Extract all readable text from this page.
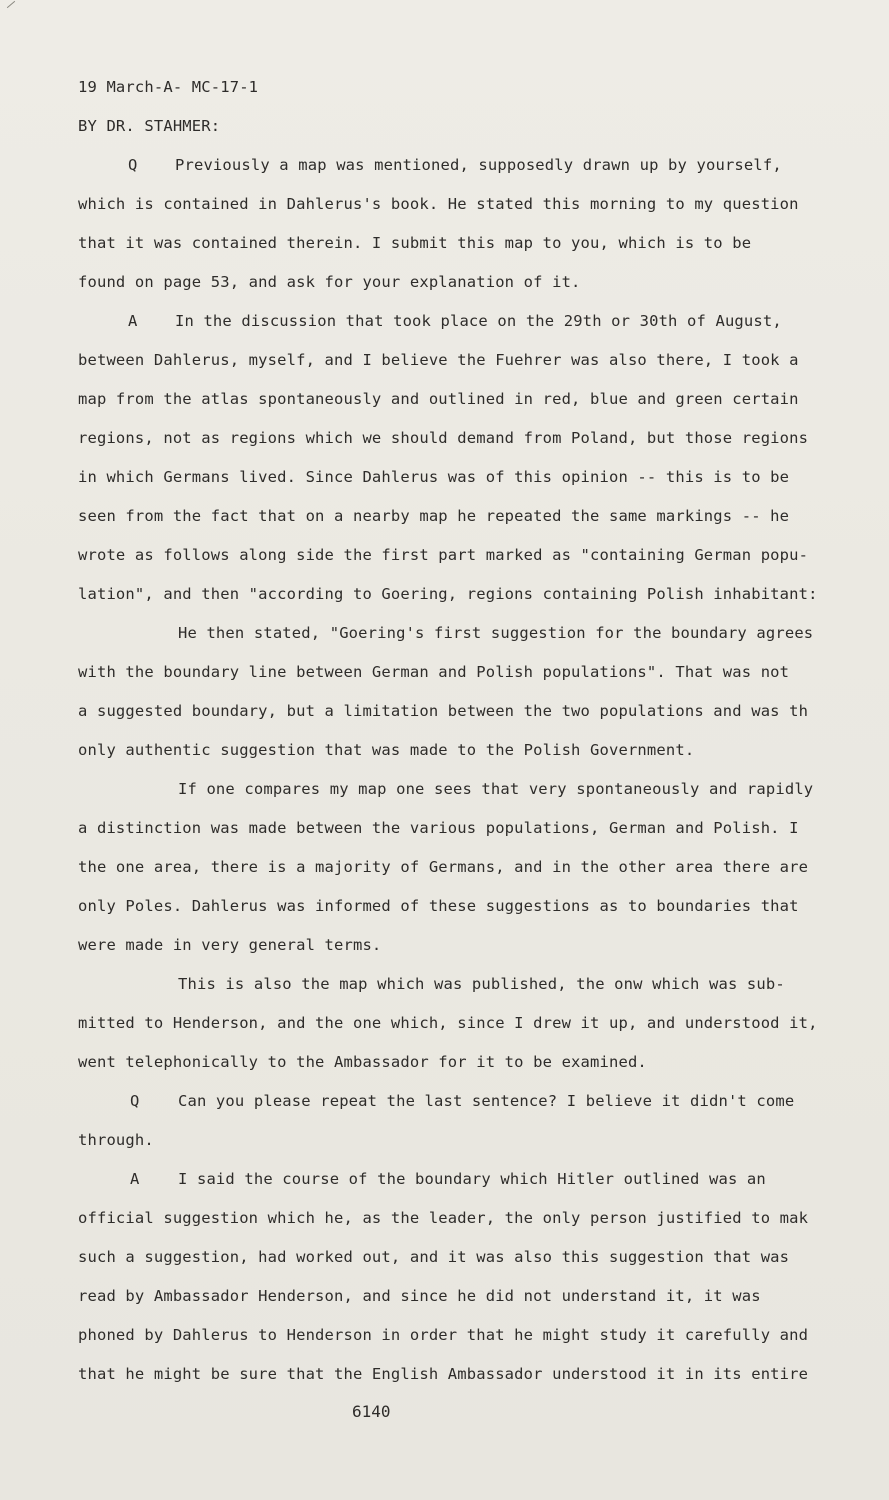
19 March-A- MC-17-1
BY DR. STAHMER:
Q Previously a map was mentioned, supposedly drawn up by yourself,
which is contained in Dahlerus's book. He stated this morning to my question
that it was contained therein. I submit this map to you, which is to be
found on page 53, and ask for your explanation of it.
A In the discussion that took place on the 29th or 30th of August,
between Dahlerus, myself, and I believe the Fuehrer was also there, I took a
map from the atlas spontaneously and outlined in red, blue and green certain
regions, not as regions which we should demand from Poland, but those regions
in which Germans lived. Since Dahlerus was of this opinion -- this is to be
seen from the fact that on a nearby map he repeated the same markings -- he
wrote as follows along side the first part marked as "containing German popu-
lation", and then "according to Goering, regions containing Polish inhabitant:
He then stated, "Goering's first suggestion for the boundary agrees
with the boundary line between German and Polish populations". That was not
a suggested boundary, but a limitation between the two populations and was th
only authentic suggestion that was made to the Polish Government.
If one compares my map one sees that very spontaneously and rapidly
a distinction was made between the various populations, German and Polish. I
the one area, there is a majority of Germans, and in the other area there are
only Poles. Dahlerus was informed of these suggestions as to boundaries that
were made in very general terms.
This is also the map which was published, the onw which was sub-
mitted to Henderson, and the one which, since I drew it up, and understood it,
went telephonically to the Ambassador for it to be examined.
Q Can you please repeat the last sentence? I believe it didn't come
through.
A I said the course of the boundary which Hitler outlined was an
official suggestion which he, as the leader, the only person justified to mak
such a suggestion, had worked out, and it was also this suggestion that was
read by Ambassador Henderson, and since he did not understand it, it was
phoned by Dahlerus to Henderson in order that he might study it carefully and
that he might be sure that the English Ambassador understood it in its entire
6140
